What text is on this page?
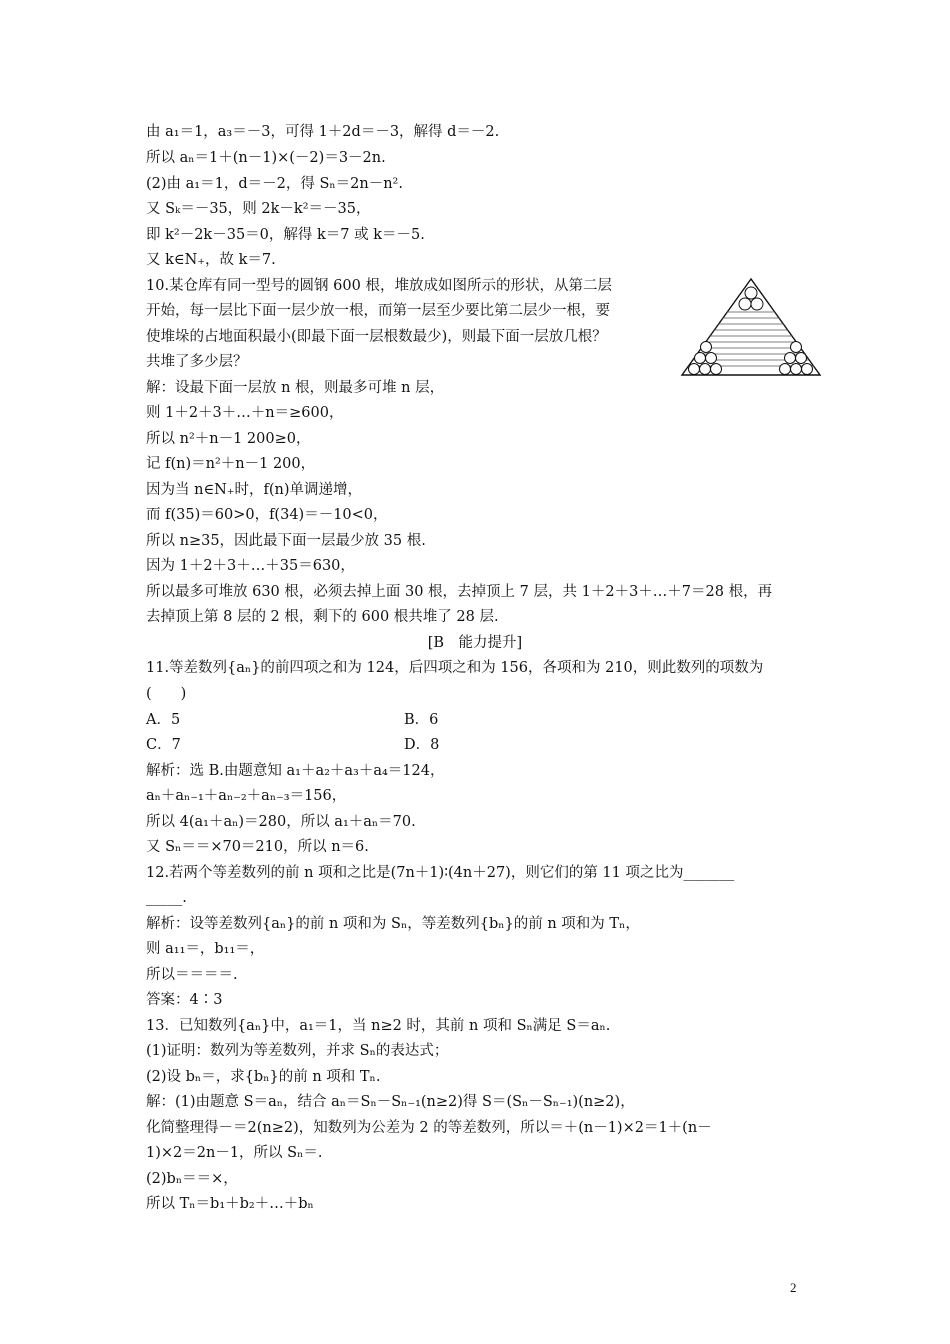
由 a₁＝1，a₃＝－3，可得 1＋2d＝－3，解得 d＝－2.
所以 aₙ＝1＋(n－1)×(－2)＝3－2n.
(2)由 a₁＝1，d＝－2，得 Sₙ＝2n－n².
又 Sₖ＝－35，则 2k－k²＝－35，
即 k²－2k－35＝0，解得 k＝7 或 k＝－5.
又 k∈N₊，故 k＝7.
10.某仓库有同一型号的圆钢 600 根，堆放成如图所示的形状，从第二层
开始，每一层比下面一层少放一根，而第一层至少要比第二层少一根，要
使堆垛的占地面积最小(即最下面一层根数最少)，则最下面一层放几根？
共堆了多少层？
解：设最下面一层放 n 根，则最多可堆 n 层，
则 1＋2＋3＋…＋n＝≥600，
所以 n²＋n－1 200≥0，
记 f(n)＝n²＋n－1 200，
因为当 n∈N₊时，f(n)单调递增，
而 f(35)＝60>0，f(34)＝－10<0，
所以 n≥35，因此最下面一层最少放 35 根.
因为 1＋2＋3＋…＋35＝630，
所以最多可堆放 630 根，必须去掉上面 30 根，去掉顶上 7 层，共 1＋2＋3＋…＋7＝28 根，再
去掉顶上第 8 层的 2 根，剩下的 600 根共堆了 28 层.
[B　能力提升]
11.等差数列{aₙ}的前四项之和为 124，后四项之和为 156，各项和为 210，则此数列的项数为
(　　)
A．5	B．6
C．7	D．8
解析：选 B.由题意知 a₁＋a₂＋a₃＋a₄＝124，
aₙ＋aₙ₋₁＋aₙ₋₂＋aₙ₋₃＝156，
所以 4(a₁＋aₙ)＝280，所以 a₁＋aₙ＝70.
又 Sₙ＝＝×70＝210，所以 n＝6.
12.若两个等差数列的前 n 项和之比是(7n＋1)∶(4n＋27)，则它们的第 11 项之比为_______
_____.
解析：设等差数列{aₙ}的前 n 项和为 Sₙ，等差数列{bₙ}的前 n 项和为 Tₙ，
则 a₁₁＝，b₁₁＝，
所以＝＝＝＝.
答案：4∶3
13．已知数列{aₙ}中，a₁＝1，当 n≥2 时，其前 n 项和 Sₙ满足 S＝aₙ.
(1)证明：数列为等差数列，并求 Sₙ的表达式；
(2)设 bₙ＝，求{bₙ}的前 n 项和 Tₙ.
解：(1)由题意 S＝aₙ，结合 aₙ＝Sₙ－Sₙ₋₁(n≥2)得 S＝(Sₙ－Sₙ₋₁)(n≥2)，
化简整理得－＝2(n≥2)，知数列为公差为 2 的等差数列，所以＝＋(n－1)×2＝1＋(n－
1)×2＝2n－1，所以 Sₙ＝.
(2)bₙ＝＝×，
所以 Tₙ＝b₁＋b₂＋…＋bₙ
2
